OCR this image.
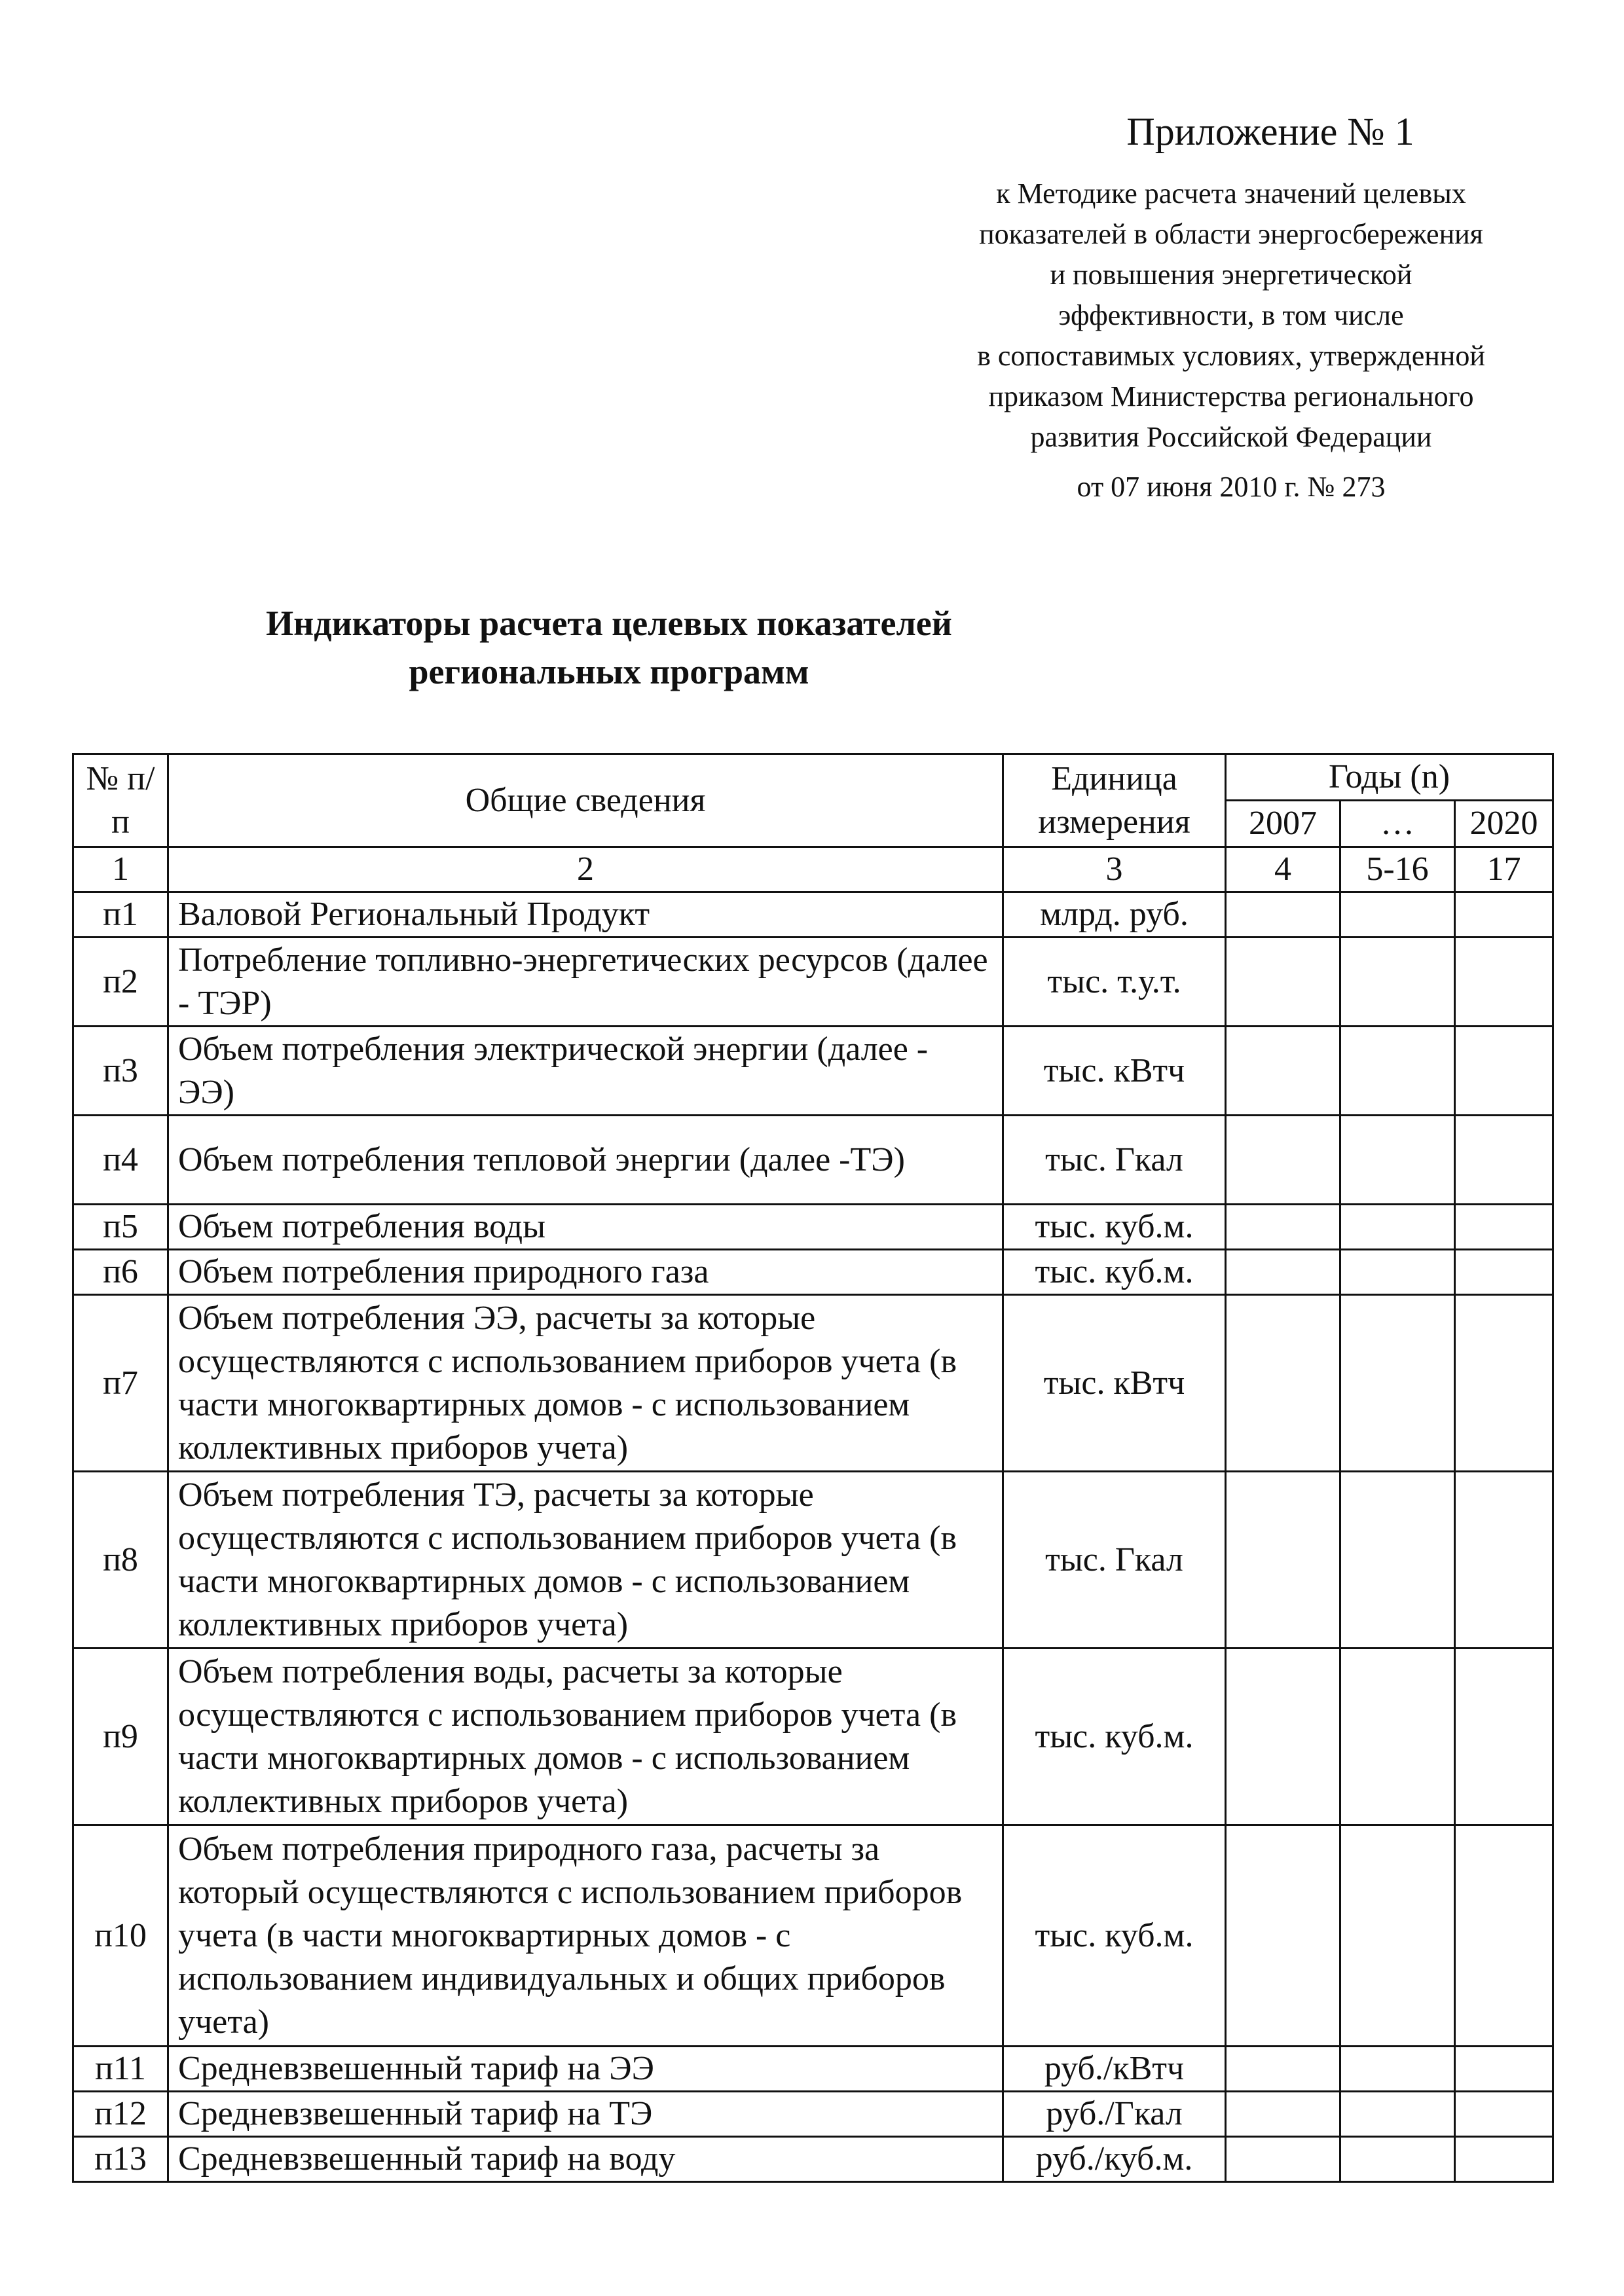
Приложение № 1
к Методике расчета значений целевых
показателей в области энергосбережения
и повышения энергетической
эффективности, в том числе
в сопоставимых условиях, утвержденной
приказом Министерства регионального
развития Российской Федерации
от 07 июня 2010 г. № 273
Индикаторы расчета целевых показателей
региональных программ
№ п/п	Общие сведения	Единица измерения	Годы (n)		
			2007	…	2020
1	2	3	4	5-16	17
п1	Валовой Региональный Продукт	млрд. руб.			
п2	Потребление топливно-энергетических ресурсов (далее - ТЭР)	тыс. т.у.т.			
п3	Объем потребления электрической энергии (далее - ЭЭ)	тыс. кВтч			
п4	Объем потребления тепловой энергии (далее -ТЭ)	тыс. Гкал			
п5	Объем потребления воды	тыс. куб.м.			
п6	Объем потребления природного газа	тыс. куб.м.			
п7	Объем потребления ЭЭ, расчеты за которые осуществляются с использованием приборов учета (в части многоквартирных домов - с использованием коллективных приборов учета)	тыс. кВтч			
п8	Объем потребления ТЭ, расчеты за которые осуществляются с использованием приборов учета (в части многоквартирных домов - с использованием коллективных приборов учета)	тыс. Гкал			
п9	Объем потребления воды, расчеты за которые осуществляются с использованием приборов учета (в части многоквартирных домов - с использованием коллективных приборов учета)	тыс. куб.м.			
п10	Объем потребления природного газа, расчеты за который осуществляются с использованием приборов учета (в части многоквартирных домов - с использованием индивидуальных и общих приборов учета)	тыс. куб.м.			
п11	Средневзвешенный тариф на ЭЭ	руб./кВтч			
п12	Средневзвешенный тариф на ТЭ	руб./Гкал			
п13	Средневзвешенный тариф на воду	руб./куб.м.			
